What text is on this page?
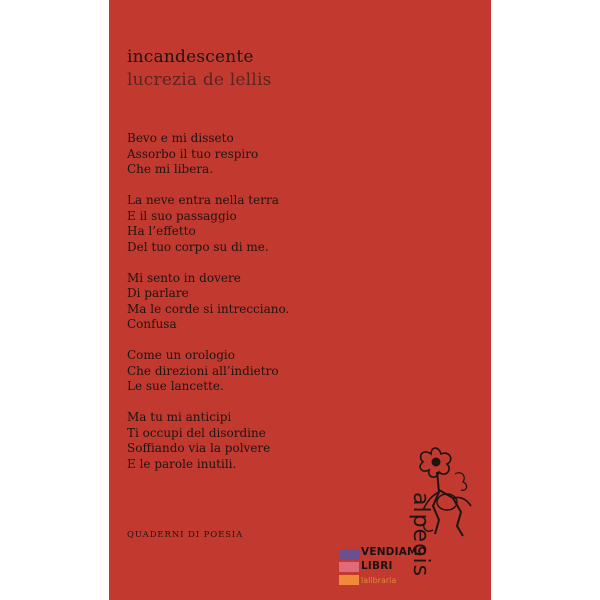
incandescente
lucrezia de lellis
Bevo e mi disseto
Assorbo il tuo respiro
Che mi libera.
La neve entra nella terra
E il suo passaggio
Ha l’effetto
Del tuo corpo su di me.
Mi sento in dovere
Di parlare
Ma le corde si intrecciano.
Confusa
Come un orologio
Che direzioni all’indietro
Le sue lancette.
Ma tu mi anticipi
Ti occupi del disordine
Soffiando via la polvere
E le parole inutili.
QUADERNI DI POESIA	alpeois
VENDIAMO
LIBRI
lalibraria
